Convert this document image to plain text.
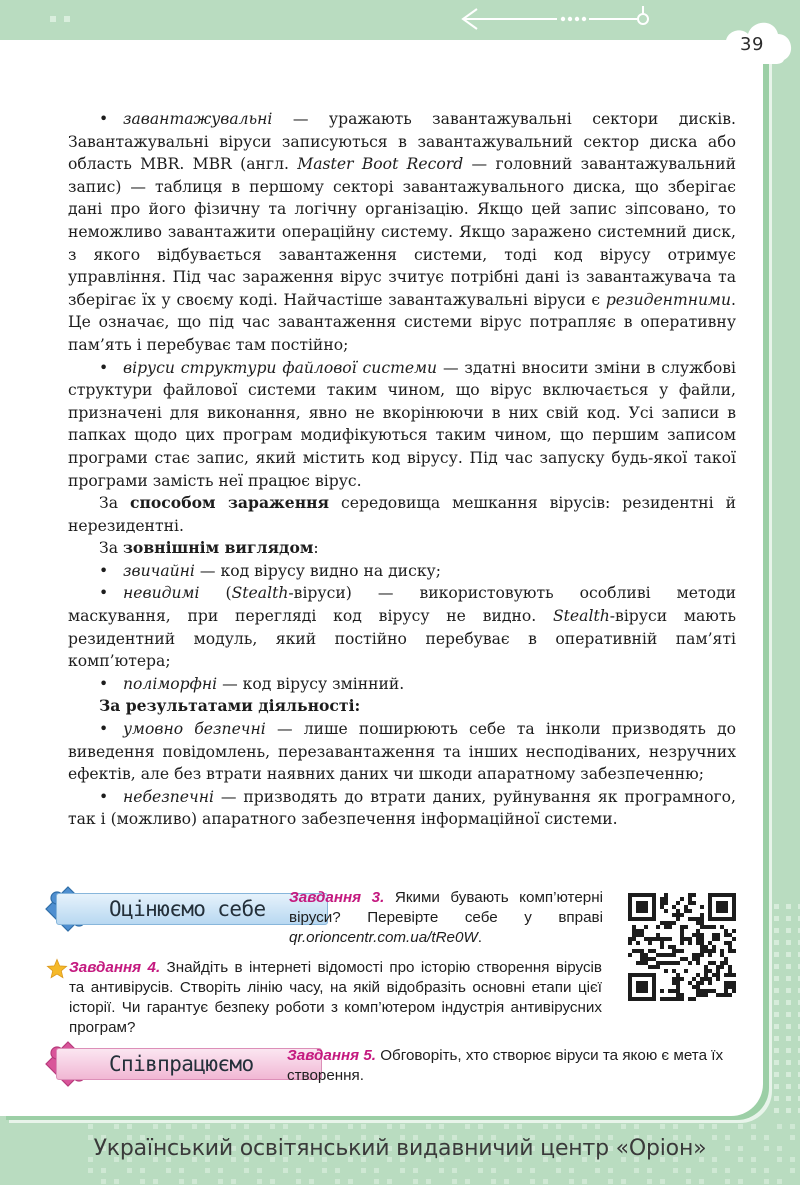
• завантажувальні — уражають завантажувальні сектори дисків. Завантажувальні віруси записуються в завантажувальний сектор диска або область MBR. MBR (англ. Master Boot Record — головний завантажувальний запис) — таблиця в першому секторі завантажувального диска, що зберігає дані про його фізичну та логічну організацію. Якщо цей запис зіпсовано, то неможливо завантажити операційну систему. Якщо заражено системний диск, з якого відбувається завантаження системи, тоді код вірусу отримує управління. Під час зараження вірус зчитує потрібні дані із завантажувача та зберігає їх у своєму коді. Найчастіше завантажувальні віруси є резидентними. Це означає, що під час завантаження системи вірус потрапляє в оперативну пам’ять і перебуває там постійно;

• віруси структури файлової системи — здатні вносити зміни в службові структури файлової системи таким чином, що вірус включається у файли, призначені для виконання, явно не вкорінюючи в них свій код. Усі записи в папках щодо цих програм модифікуються таким чином, що першим записом програми стає запис, який містить код вірусу. Під час запуску будь-якої такої програми замість неї працює вірус.

За способом зараження середовища мешкання вірусів: резидентні й нерезидентні.

За зовнішнім виглядом:

• звичайні — код вірусу видно на диску;

• невидимі (Stealth-віруси) — використовують особливі методи маскування, при перегляді код вірусу не видно. Stealth-віруси мають резидентний модуль, який постійно перебуває в оперативній пам’яті комп’ютера;

• поліморфні — код вірусу змінний.

За результатами діяльності:

• умовно безпечні — лише поширюють себе та інколи призводять до виведення повідомлень, перезавантаження та інших несподіваних, незручних ефектів, але без втрати наявних даних чи шкоди апаратному забезпеченню;

• небезпечні — призводять до втрати даних, руйнування як програмного, так і (можливо) апаратного забезпечення інформаційної системи.

Оцінюємо себе	Завдання 3. Якими бувають комп’ютерні віруси? Перевірте себе у вправі qr.orioncentr.com.ua/tRe0W.
Завдання 4. Знайдіть в інтернеті відомості про історію створення вірусів та антивірусів. Створіть лінію часу, на якій відобразіть основні етапи цієї історії. Чи гарантує безпеку роботи з комп’ютером індустрія антивірусних програм?
Співпрацюємо	Завдання 5. Обговоріть, хто створює віруси та якою є мета їх створення.
39
Український освітянський видавничий центр «Оріон»
